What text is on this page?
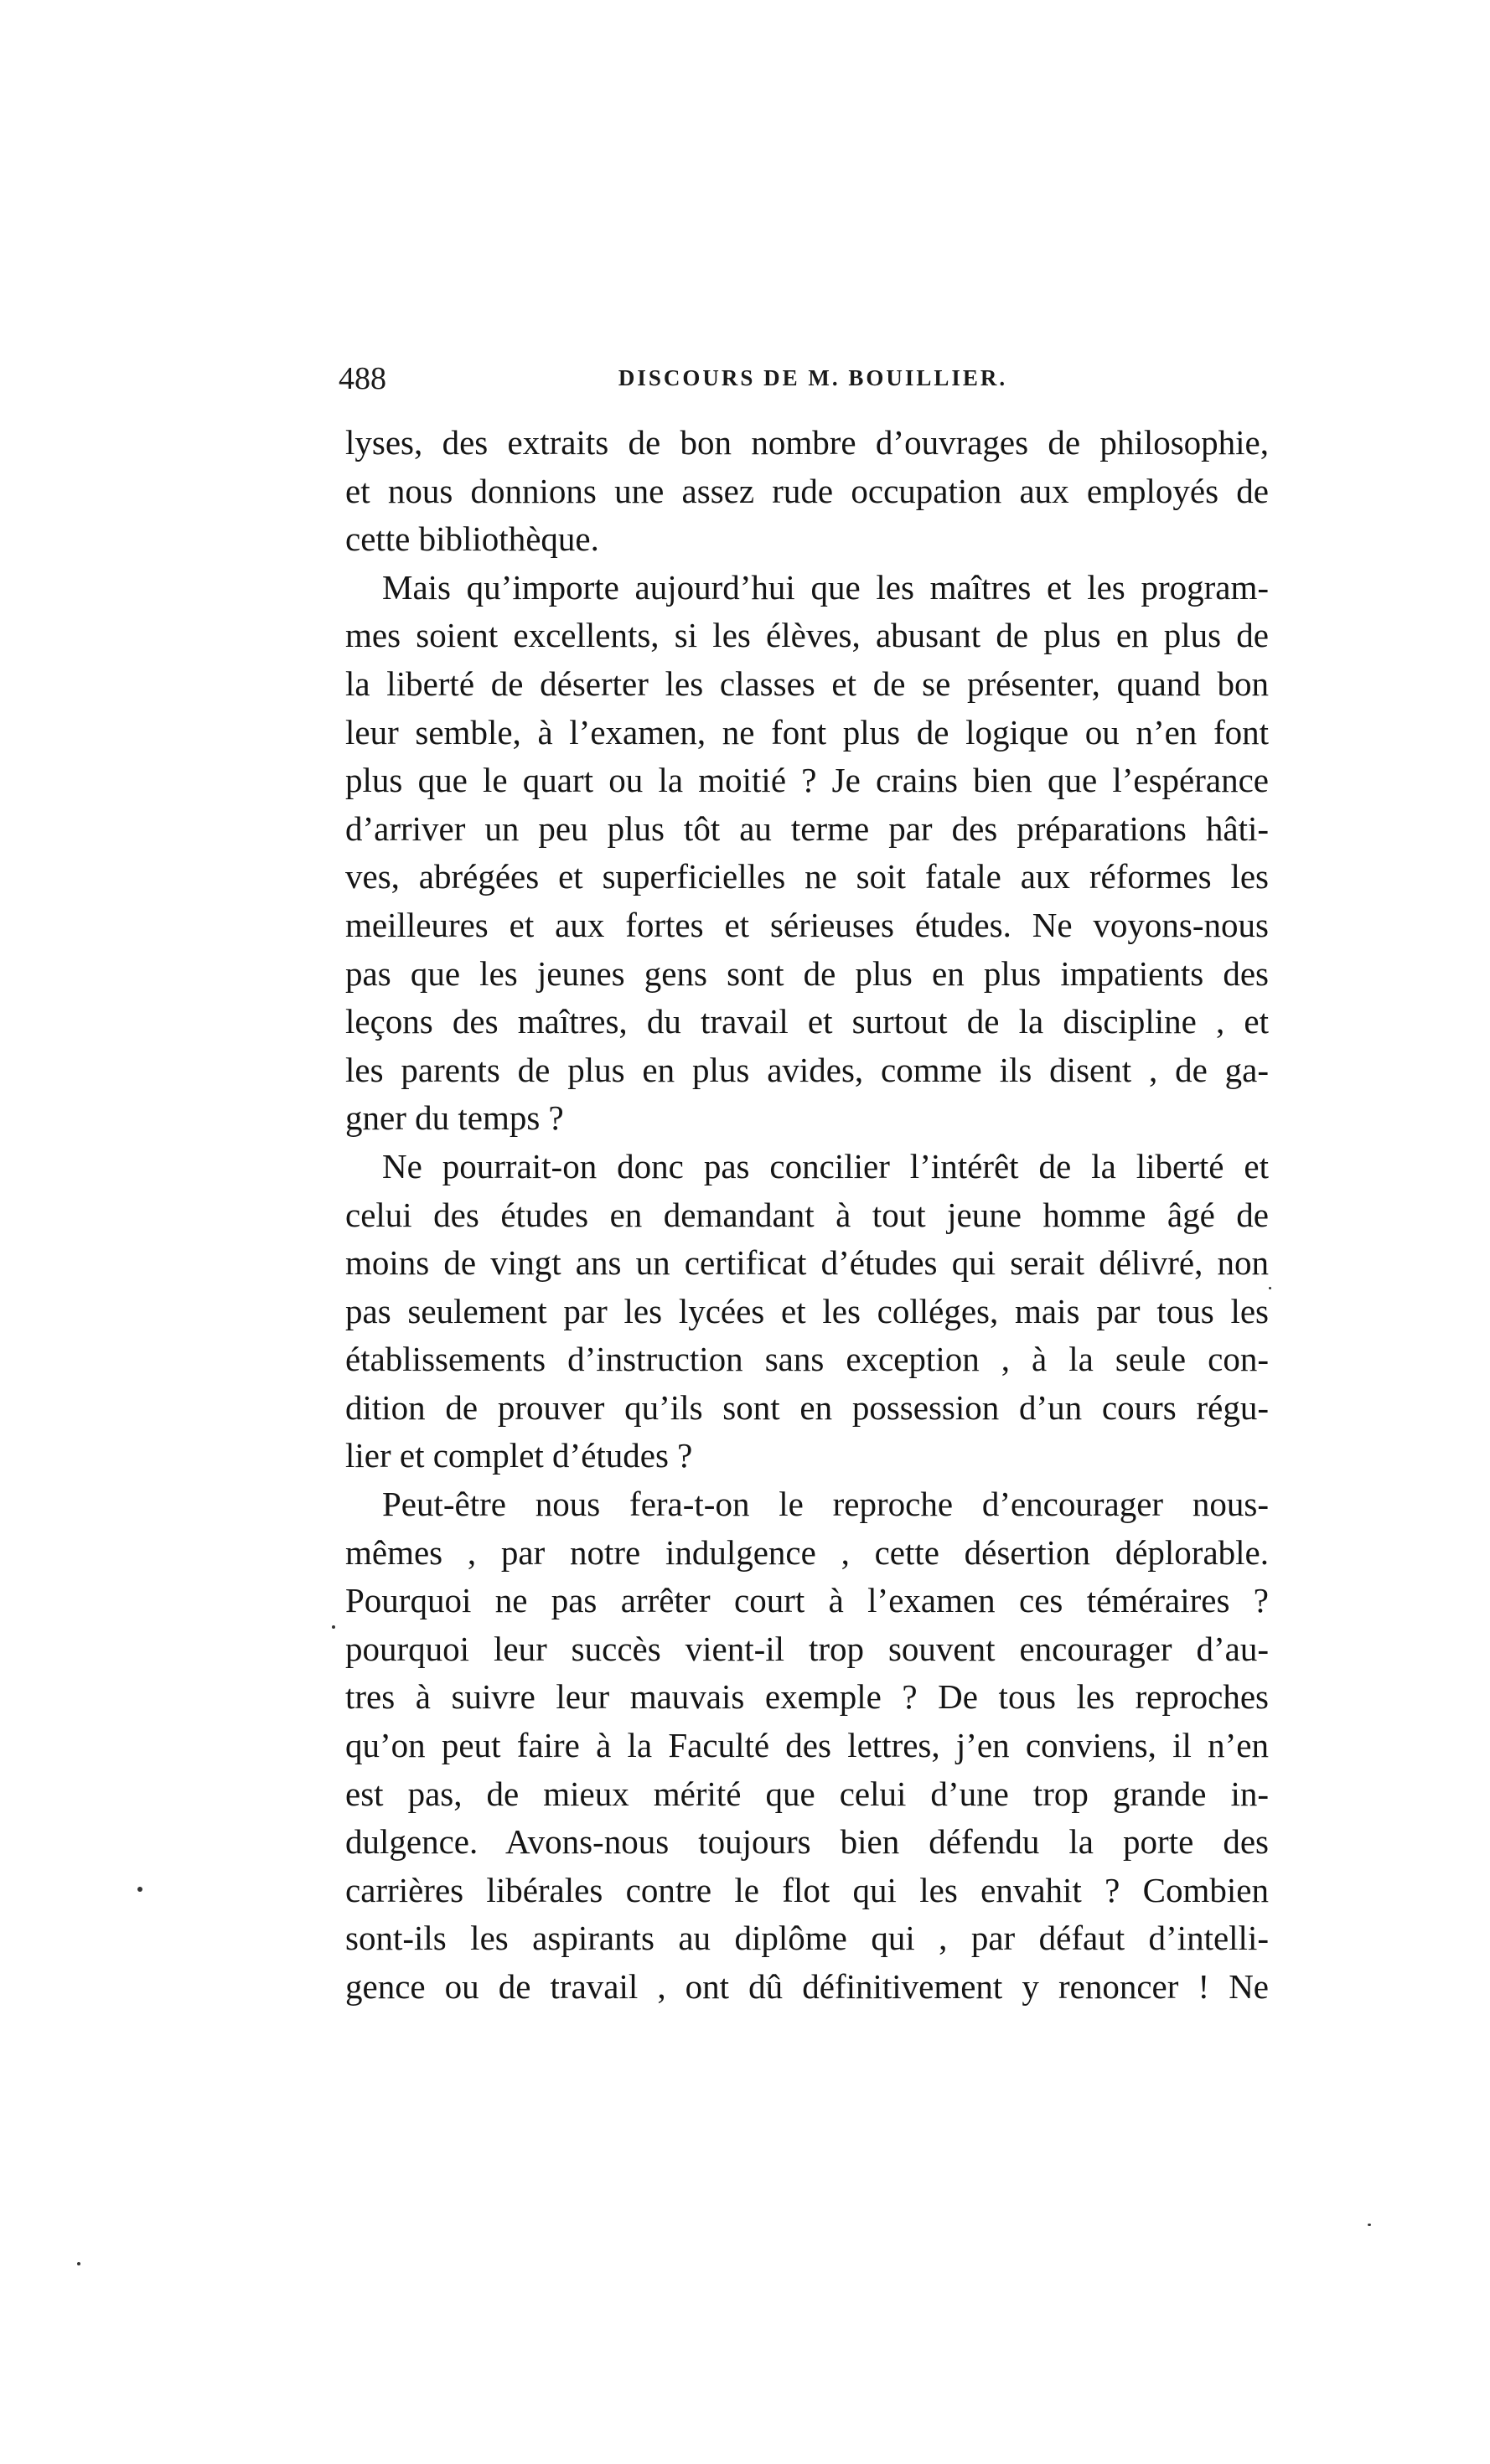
488	DISCOURS DE M. BOUILLIER.
lyses, des extraits de bon nombre d’ouvrages de philosophie,
et nous donnions une assez rude occupation aux employés de
cette bibliothèque.
Mais qu’importe aujourd’hui que les maîtres et les program-
mes soient excellents, si les élèves, abusant de plus en plus de
la liberté de déserter les classes et de se présenter, quand bon
leur semble, à l’examen, ne font plus de logique ou n’en font
plus que le quart ou la moitié ? Je crains bien que l’espérance
d’arriver un peu plus tôt au terme par des préparations hâti-
ves, abrégées et superficielles ne soit fatale aux réformes les
meilleures et aux fortes et sérieuses études. Ne voyons-nous
pas que les jeunes gens sont de plus en plus impatients des
leçons des maîtres, du travail et surtout de la discipline , et
les parents de plus en plus avides, comme ils disent , de ga-
gner du temps ?
Ne pourrait-on donc pas concilier l’intérêt de la liberté et
celui des études en demandant à tout jeune homme âgé de
moins de vingt ans un certificat d’études qui serait délivré, non
pas seulement par les lycées et les colléges, mais par tous les
établissements d’instruction sans exception , à la seule con-
dition de prouver qu’ils sont en possession d’un cours régu-
lier et complet d’études ?
Peut-être nous fera-t-on le reproche d’encourager nous-
mêmes , par notre indulgence , cette désertion déplorable.
Pourquoi ne pas arrêter court à l’examen ces téméraires ?
pourquoi leur succès vient-il trop souvent encourager d’au-
tres à suivre leur mauvais exemple ? De tous les reproches
qu’on peut faire à la Faculté des lettres, j’en conviens, il n’en
est pas, de mieux mérité que celui d’une trop grande in-
dulgence. Avons-nous toujours bien défendu la porte des
carrières libérales contre le flot qui les envahit ? Combien
sont-ils les aspirants au diplôme qui , par défaut d’intelli-
gence ou de travail , ont dû définitivement y renoncer ! Ne
